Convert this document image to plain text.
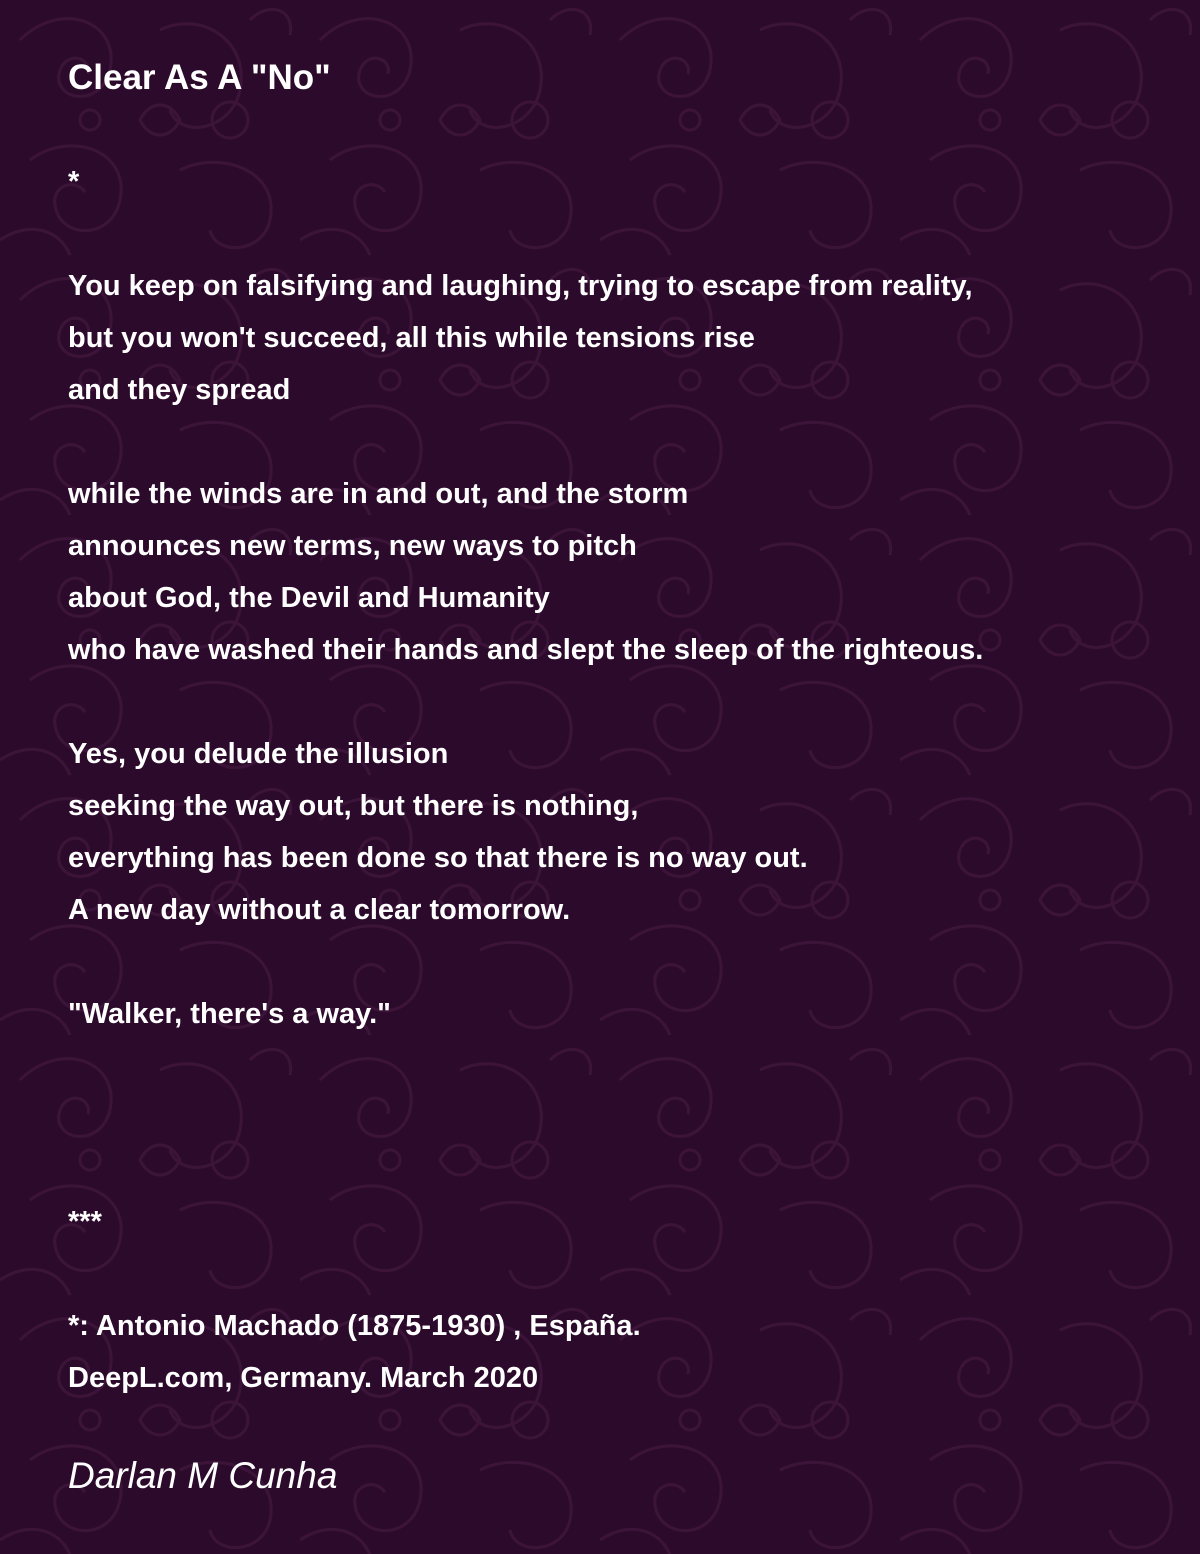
Clear As A "No"
*
You keep on falsifying and laughing, trying to escape from reality,
but you won't succeed, all this while tensions rise
and they spread
while the winds are in and out, and the storm
announces new terms, new ways to pitch
about God, the Devil and Humanity
who have washed their hands and slept the sleep of the righteous.
Yes, you delude the illusion
seeking the way out, but there is nothing,
everything has been done so that there is no way out.
A new day without a clear tomorrow.
"Walker, there's a way."
***
*: Antonio Machado (1875-1930) , España.
DeepL.com, Germany. March 2020
Darlan M Cunha
